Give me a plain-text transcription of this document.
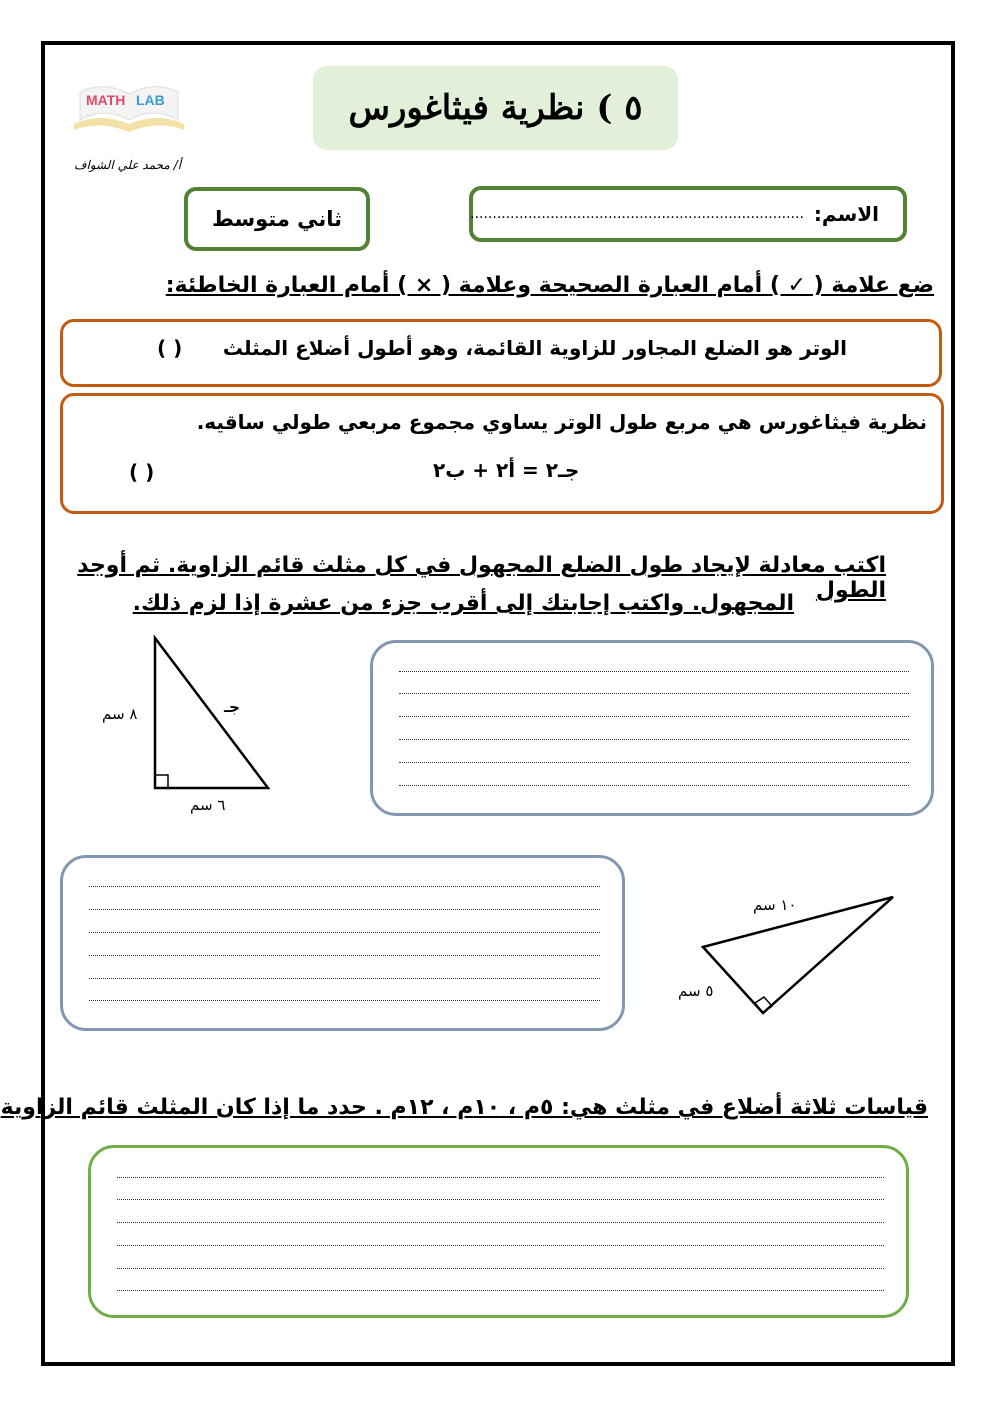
MATH LAB	٥ ) نظرية فيثاغورس
أ/ محمد علي الشواف
ثاني متوسط	الاسم:
...........................................................................
ضع علامة ( ✓ ) أمام العبارة الصحيحة وعلامة ( × ) أمام العبارة الخاطئة:
الوتر هو الضلع المجاور للزاوية القائمة، وهو أطول أضلاع المثلث
( )
نظرية فيثاغورس هي مربع طول الوتر يساوي مجموع مربعي طولي ساقيه.
جـ٢ = أ٢ + ب٢
( )
اكتب معادلة لإيجاد طول الضلع المجهول في كل مثلث قائم الزاوية. ثم أوجد الطول
المجهول. واكتب إجابتك إلى أقرب جزء من عشرة إذا لزم ذلك.
٨ سم	جـ
٦ سم
١٠ سم
٥ سم
قياسات ثلاثة أضلاع في مثلث هي: ٥م ، ١٠م ، ١٢م . حدد ما إذا كان المثلث قائم الزاوية
